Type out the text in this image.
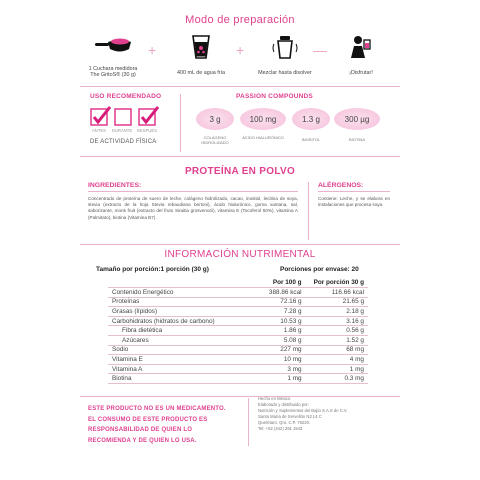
Modo de preparación
1 Cuchara medidora
The GritoS® (30 g)
+
400 mL de agua fría
+
Mezclar hasta disolver
—
¡Disfrutar!
USO RECOMENDADO
ANTES	DURANTE	DESPUÉS
DE ACTIVIDAD FÍSICA
PASSION COMPOUNDS
3 g	100 mg	1.3 g	300 µg
COLÁGENO HIDROLIZADO
ÁCIDO HIALURÓNICO	INOSITOL	BIOTINA
PROTEÍNA EN POLVO
INGREDIENTES:
Concentrado de proteína de suero de leche, colágeno hidrolizado, cacao, inositol, lecitina de soya, stevia (extracto de la hoja Stevia rebaudiana bertoni), ácido hialurónico, goma xantana, sal, saborizante, monk fruit (extracto del fruto Siraitia grosvenorii), vitamina E (Tocoferol 50%), vitamina A (Palmitato), biotina (Vitamina B7).
ALÉRGENOS:
Contiene: Leche, y se elabora en instalaciones que procesa soya.
INFORMACIÓN NUTRIMENTAL
Tamaño por porción:1 porción (30 g)	Porciones por envase: 20
	Por 100 g	Por porción 30 g
Contenido Energético	388.86 kcal	116.66 kcal
Proteínas	72.16 g	21.65 g
Grasas (lípidos)	7.28 g	2.18 g
Carbohidratos (hidratos de carbono)	10.53 g	3.16 g
Fibra dietética	1.86 g	0.56 g
Azúcares	5.08 g	1.52 g
Sodio	227 mg	68 mg
Vitamina E	10 mg	4 mg
Vitamina A	3 mg	1 mg
Biotina	1 mg	0.3 mg
ESTE PRODUCTO NO ES UN MEDICAMENTO.
EL CONSUMO DE ESTE PRODUCTO ES
RESPONSABILIDAD DE QUIEN LO
RECOMIENDA Y DE QUIEN LO USA.
Hecho en México
Elaborado y distribuido por:
Nutrición y Suplementos del Bajío S.A.S de C.V.
Santa María de Servellón N2 L4 C
Querétaro, Qro. C.P. 76220.
Tel: +52 (442) 291 1543
